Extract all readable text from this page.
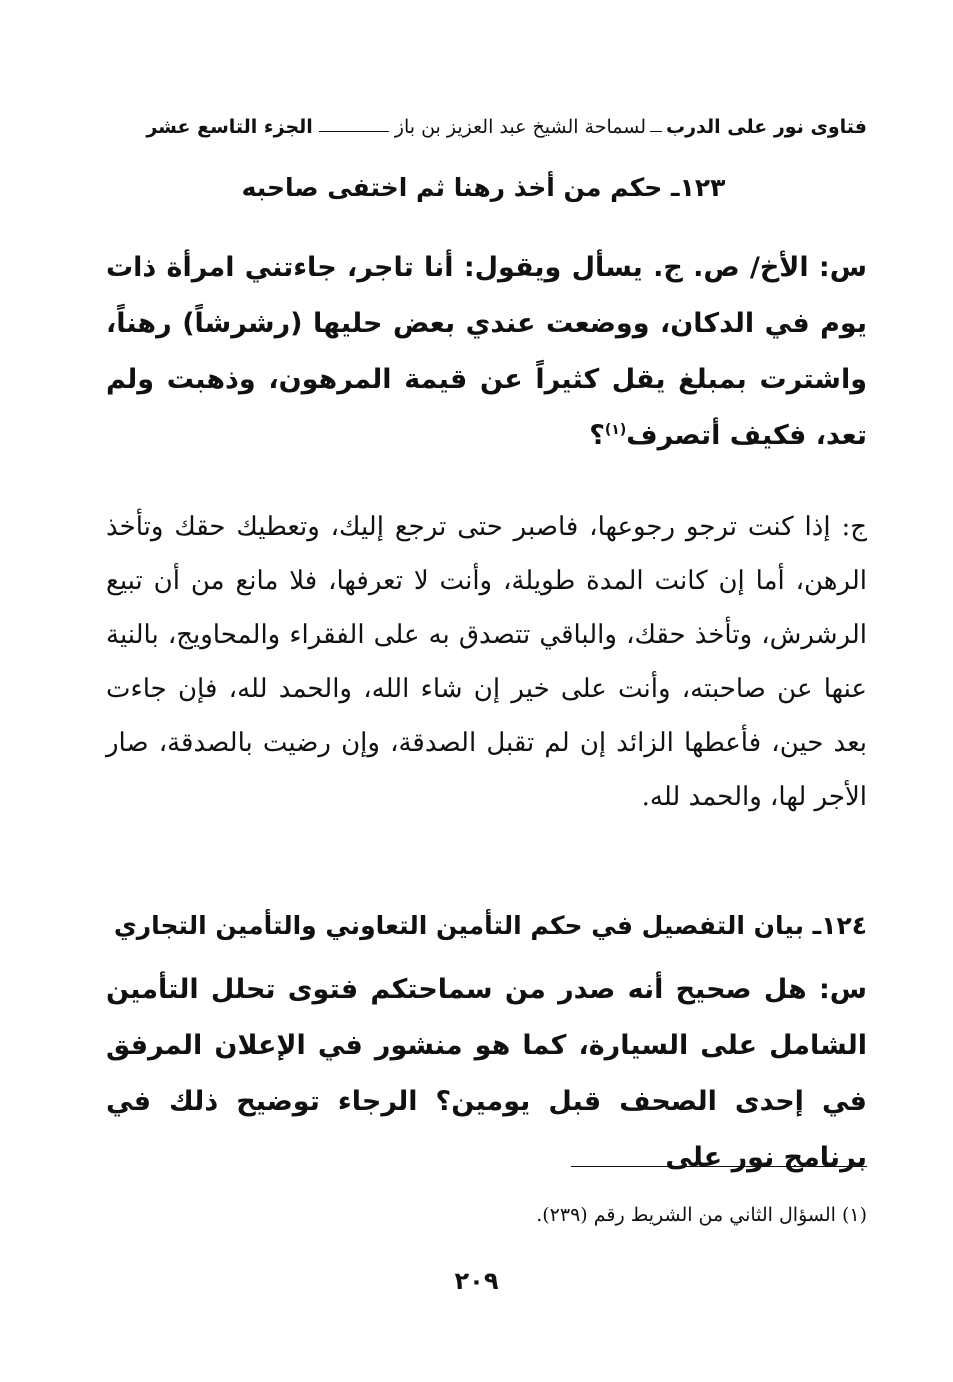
فتاوى نور على الدرب
لسماحة الشيخ عبد العزيز بن باز
الجزء التاسع عشر
١٢٣ـ حكم من أخذ رهنا ثم اختفى صاحبه

س: الأخ/ ص. ج. يسأل ويقول: أنا تاجر، جاءتني امرأة ذات يوم في الدكان، ووضعت عندي بعض حليها (رشرشاً) رهناً، واشترت بمبلغ يقل كثيراً عن قيمة المرهون، وذهبت ولم تعد، فكيف أتصرف$^{(١)}$؟

ج: إذا كنت ترجو رجوعها، فاصبر حتى ترجع إليك، وتعطيك حقك وتأخذ الرهن، أما إن كانت المدة طويلة، وأنت لا تعرفها، فلا مانع من أن تبيع الرشرش، وتأخذ حقك، والباقي تتصدق به على الفقراء والمحاويج، بالنية عنها عن صاحبته، وأنت على خير إن شاء الله، والحمد لله، فإن جاءت بعد حين، فأعطها الزائد إن لم تقبل الصدقة، وإن رضيت بالصدقة، صار الأجر لها، والحمد لله.

١٢٤ـ بيان التفصيل في حكم التأمين التعاوني والتأمين التجاري

س: هل صحيح أنه صدر من سماحتكم فتوى تحلل التأمين الشامل على السيارة، كما هو منشور في الإعلان المرفق في إحدى الصحف قبل يومين؟ الرجاء توضيح ذلك في برنامج نور على

(١) السؤال الثاني من الشريط رقم (٢٣٩).
٢٠٩
